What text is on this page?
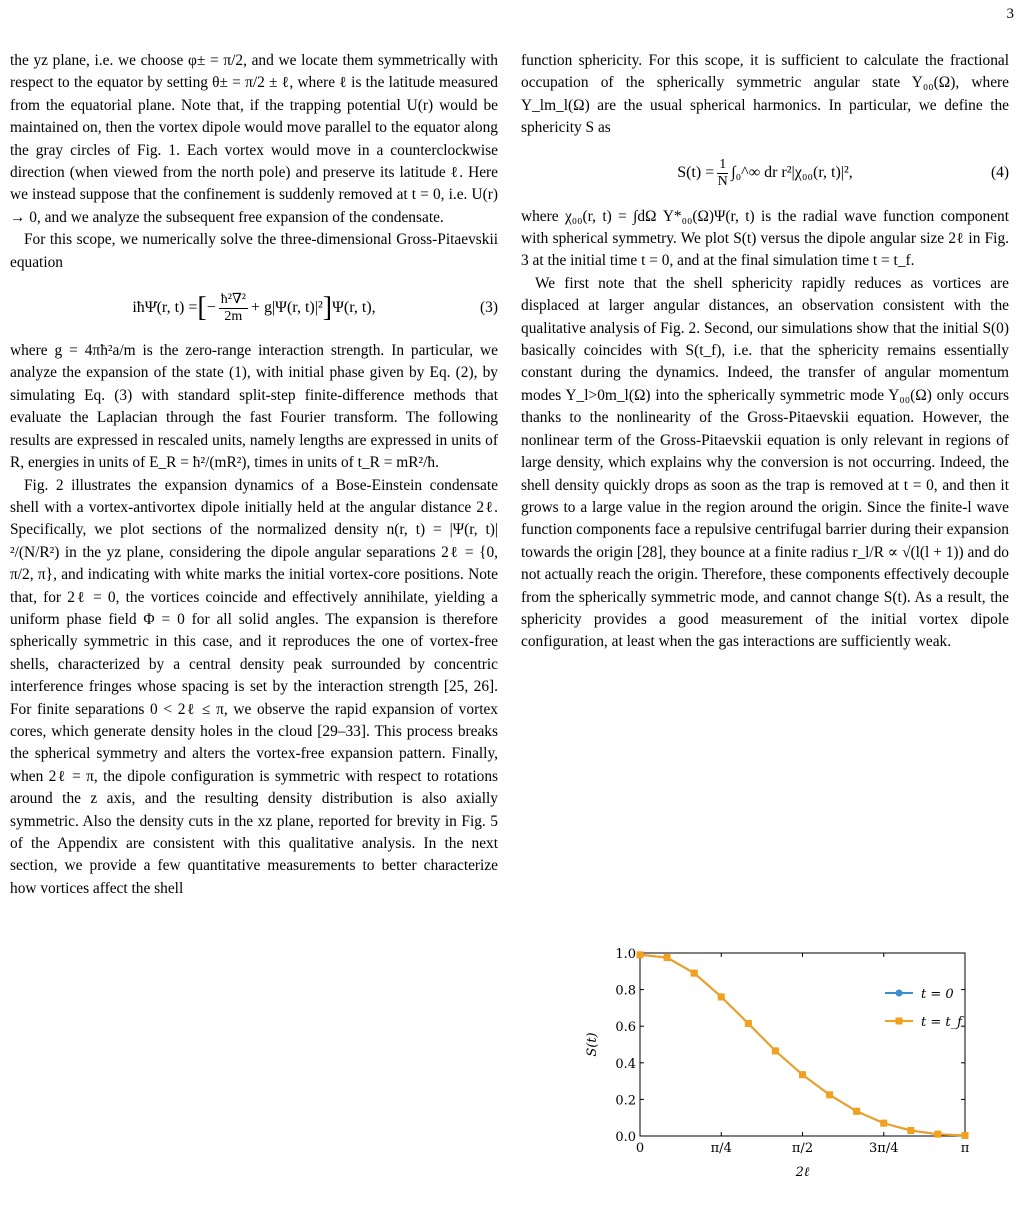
3

the yz plane, i.e. we choose φ± = π/2, and we locate them symmetrically with respect to the equator by setting θ± = π/2 ± ℓ, where ℓ is the latitude measured from the equatorial plane. Note that, if the trapping potential U(r) would be maintained on, then the vortex dipole would move parallel to the equator along the gray circles of Fig. 1. Each vortex would move in a counterclockwise direction (when viewed from the north pole) and preserve its latitude ℓ. Here we instead suppose that the confinement is suddenly removed at t = 0, i.e. U(r) → 0, and we analyze the subsequent free expansion of the condensate.

For this scope, we numerically solve the three-dimensional Gross-Pitaevskii equation

iħΨ̇(r, t) = [ − $\frac{\text{ħ²∇²}}{2m} + g|\Psi(r$, t)|² ] Ψ(r, t),	(3)

where g = 4πħ²a/m is the zero-range interaction strength. In particular, we analyze the expansion of the state (1), with initial phase given by Eq. (2), by simulating Eq. (3) with standard split-step finite-difference methods that evaluate the Laplacian through the fast Fourier transform. The following results are expressed in rescaled units, namely lengths are expressed in units of R, energies in units of E_R = ħ²/(mR²), times in units of t_R = mR²/ħ.

Fig. 2 illustrates the expansion dynamics of a Bose-Einstein condensate shell with a vortex-antivortex dipole initially held at the angular distance 2ℓ. Specifically, we plot sections of the normalized density n(r, t) = |Ψ(r, t)|²/(N/R²) in the yz plane, considering the dipole angular separations 2ℓ = {0, π/2, π}, and indicating with white marks the initial vortex-core positions. Note that, for 2ℓ = 0, the vortices coincide and effectively annihilate, yielding a uniform phase field Φ = 0 for all solid angles. The expansion is therefore spherically symmetric in this case, and it reproduces the one of vortex-free shells, characterized by a central density peak surrounded by concentric interference fringes whose spacing is set by the interaction strength [25, 26]. For finite separations 0 < 2ℓ ≤ π, we observe the rapid expansion of vortex cores, which generate density holes in the cloud [29–33]. This process breaks the spherical symmetry and alters the vortex-free expansion pattern. Finally, when 2ℓ = π, the dipole configuration is symmetric with respect to rotations around the z axis, and the resulting density distribution is also axially symmetric. Also the density cuts in the xz plane, reported for brevity in Fig. 5 of the Appendix are consistent with this qualitative analysis. In the next section, we provide a few quantitative measurements to better characterize how vortices affect the shell

function sphericity. For this scope, it is sufficient to calculate the fractional occupation of the spherically symmetric angular state Y₀₀(Ω), where Y_lm_l(Ω) are the usual spherical harmonics. In particular, we define the sphericity S as

$S(t) = \frac{1}{N}$ ∫₀^∞
dr r²|χ₀₀(r, t)|²,	(4)

where χ₀₀(r, t) = ∫dΩ Y*₀₀(Ω)Ψ(r, t) is the radial wave function component with spherical symmetry. We plot S(t) versus the dipole angular size 2ℓ in Fig. 3 at the initial time t = 0, and at the final simulation time t = t_f.

We first note that the shell sphericity rapidly reduces as vortices are displaced at larger angular distances, an observation consistent with the qualitative analysis of Fig. 2. Second, our simulations show that the initial S(0) basically coincides with S(t_f), i.e. that the sphericity remains essentially constant during the dynamics. Indeed, the transfer of angular momentum modes Y_l>0m_l(Ω) into the spherically symmetric mode Y₀₀(Ω) only occurs thanks to the nonlinearity of the Gross-Pitaevskii equation. However, the nonlinear term of the Gross-Pitaevskii equation is only relevant in regions of large density, which explains why the conversion is not occurring. Indeed, the shell density quickly drops as soon as the trap is removed at t = 0, and then it grows to a large value in the region around the origin. Since the finite-l wave function components face a repulsive centrifugal barrier during their expansion towards the origin [28], they bounce at a finite radius r_l/R ∝ √(l(l + 1)) and do not actually reach the origin. Therefore, these components effectively decouple from the spherically symmetric mode, and cannot change S(t). As a result, the sphericity provides a good measurement of the initial vortex dipole configuration, at least when the gas interactions are sufficiently weak.

0	π/4	π/2	3π/4	π
0.0
0.2
0.4
0.6
0.8
1.0
2ℓ
S(t)
t = 0
t = t_f
